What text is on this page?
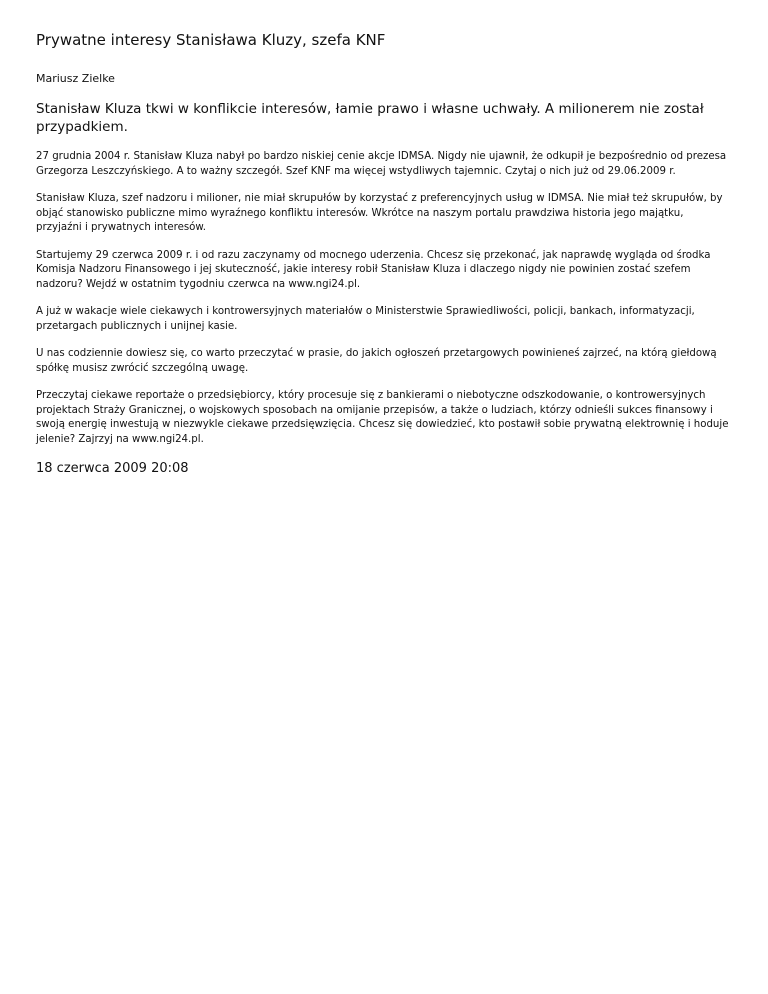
Prywatne interesy Stanisława Kluzy, szefa KNF

Mariusz Zielke

Stanisław Kluza tkwi w konflikcie interesów, łamie prawo i własne uchwały. A milionerem nie został przypadkiem.

27 grudnia 2004 r. Stanisław Kluza nabył po bardzo niskiej cenie akcje IDMSA. Nigdy nie ujawnił, że odkupił je bezpośrednio od prezesa Grzegorza Leszczyńskiego. A to ważny szczegół. Szef KNF ma więcej wstydliwych tajemnic. Czytaj o nich już od 29.06.2009 r.

Stanisław Kluza, szef nadzoru i milioner, nie miał skrupułów by korzystać z preferencyjnych usług w IDMSA. Nie miał też skrupułów, by objąć stanowisko publiczne mimo wyraźnego konfliktu interesów. Wkrótce na naszym portalu prawdziwa historia jego majątku, przyjaźni i prywatnych interesów.

Startujemy 29 czerwca 2009 r. i od razu zaczynamy od mocnego uderzenia. Chcesz się przekonać, jak naprawdę wygląda od środka Komisja Nadzoru Finansowego i jej skuteczność, jakie interesy robił Stanisław Kluza i dlaczego nigdy nie powinien zostać szefem nadzoru? Wejdź w ostatnim tygodniu czerwca na www.ngi24.pl.

A już w wakacje wiele ciekawych i kontrowersyjnych materiałów o Ministerstwie Sprawiedliwości, policji, bankach, informatyzacji, przetargach publicznych i unijnej kasie.

U nas codziennie dowiesz się, co warto przeczytać w prasie, do jakich ogłoszeń przetargowych powinieneś zajrzeć, na którą giełdową spółkę musisz zwrócić szczególną uwagę.

Przeczytaj ciekawe reportaże o przedsiębiorcy, który procesuje się z bankierami o niebotyczne odszkodowanie, o kontrowersyjnych projektach Straży Granicznej, o wojskowych sposobach na omijanie przepisów, a także o ludziach, którzy odnieśli sukces finansowy i swoją energię inwestują w niezwykle ciekawe przedsięwzięcia. Chcesz się dowiedzieć, kto postawił sobie prywatną elektrownię i hoduje jelenie? Zajrzyj na www.ngi24.pl.

18 czerwca 2009 20:08
